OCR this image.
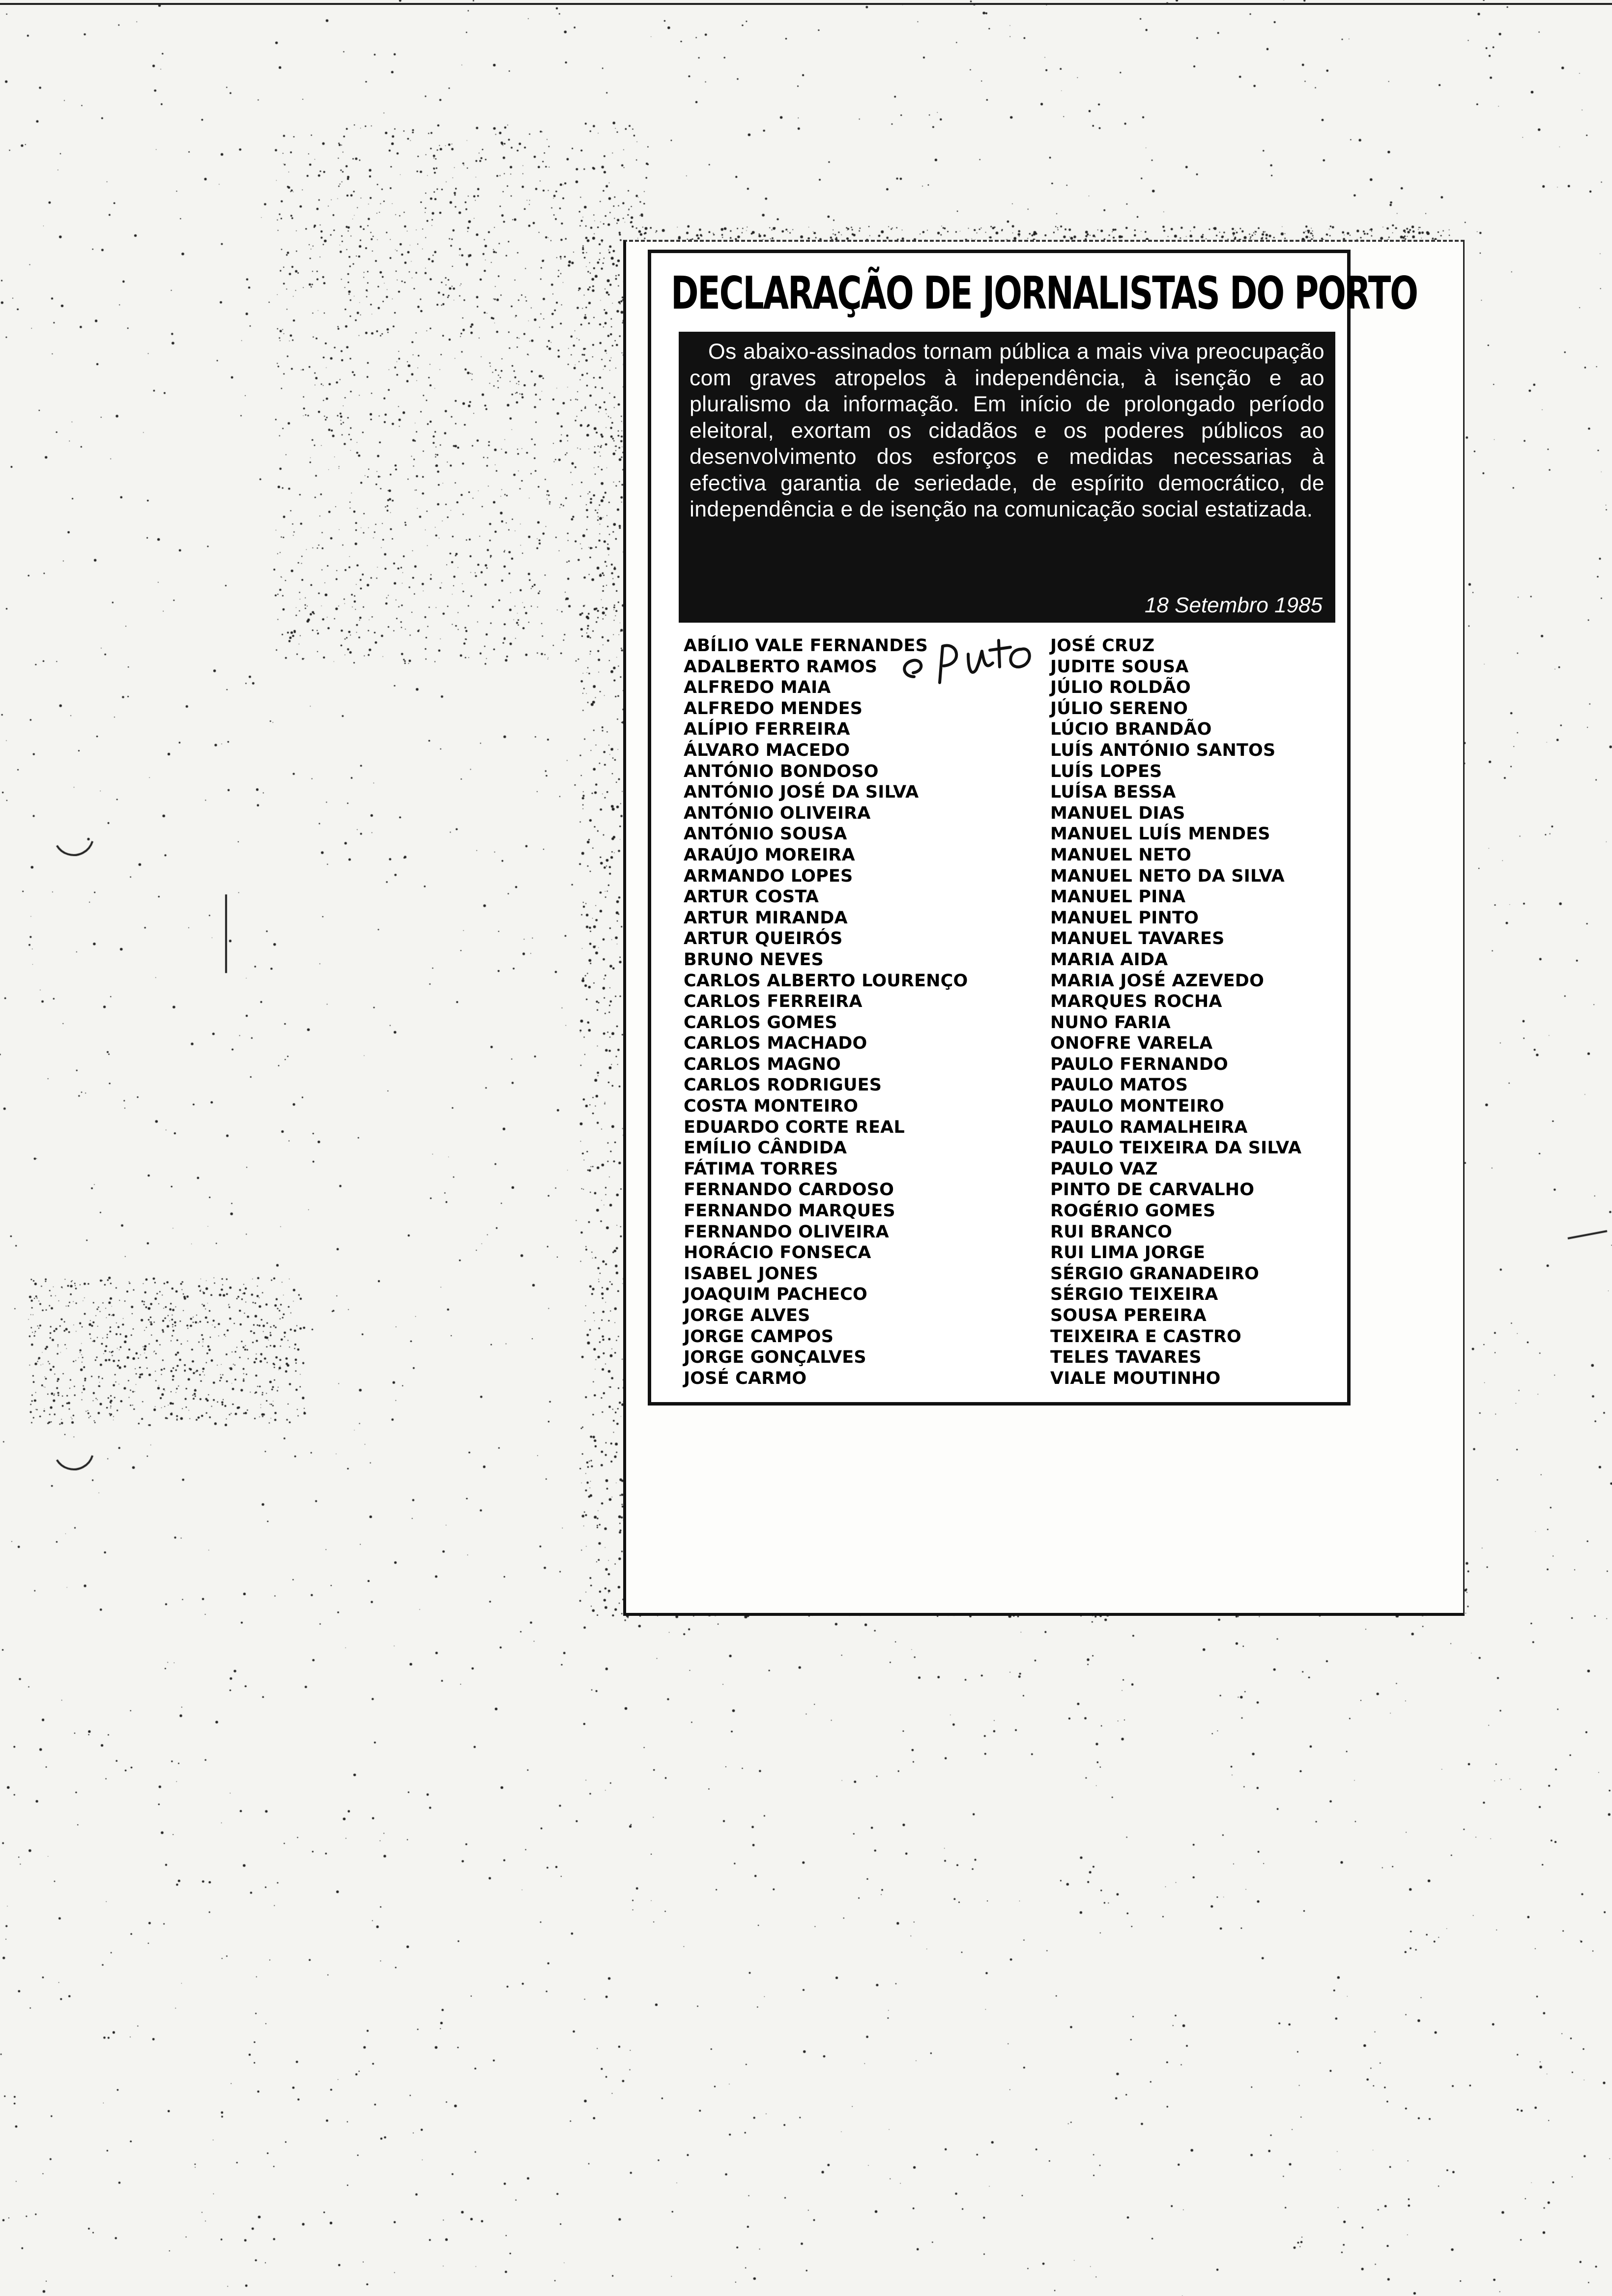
DECLARAÇÃO DE JORNALISTAS DO PORTO
Os abaixo-assinados tornam pública a mais viva preocupação com graves atropelos à independência, à isenção e ao pluralismo da informação. Em início de prolongado período eleitoral, exortam os cidadãos e os poderes públicos ao desenvolvimento dos esforços e medidas necessarias à efectiva garantia de seriedade, de espírito democrático, de independência e de isenção na comunicação social estatizada.
18 Setembro 1985
ABÍLIO VALE FERNANDES
ADALBERTO RAMOS
ALFREDO MAIA
ALFREDO MENDES
ALÍPIO FERREIRA
ÁLVARO MACEDO
ANTÓNIO BONDOSO
ANTÓNIO JOSÉ DA SILVA
ANTÓNIO OLIVEIRA
ANTÓNIO SOUSA
ARAÚJO MOREIRA
ARMANDO LOPES
ARTUR COSTA
ARTUR MIRANDA
ARTUR QUEIRÓS
BRUNO NEVES
CARLOS ALBERTO LOURENÇO
CARLOS FERREIRA
CARLOS GOMES
CARLOS MACHADO
CARLOS MAGNO
CARLOS RODRIGUES
COSTA MONTEIRO
EDUARDO CORTE REAL
EMÍLIO CÂNDIDA
FÁTIMA TORRES
FERNANDO CARDOSO
FERNANDO MARQUES
FERNANDO OLIVEIRA
HORÁCIO FONSECA
ISABEL JONES
JOAQUIM PACHECO
JORGE ALVES
JORGE CAMPOS
JORGE GONÇALVES
JOSÉ CARMO
JOSÉ CRUZ
JUDITE SOUSA
JÚLIO ROLDÃO
JÚLIO SERENO
LÚCIO BRANDÃO
LUÍS ANTÓNIO SANTOS
LUÍS LOPES
LUÍSA BESSA
MANUEL DIAS
MANUEL LUÍS MENDES
MANUEL NETO
MANUEL NETO DA SILVA
MANUEL PINA
MANUEL PINTO
MANUEL TAVARES
MARIA AIDA
MARIA JOSÉ AZEVEDO
MARQUES ROCHA
NUNO FARIA
ONOFRE VARELA
PAULO FERNANDO
PAULO MATOS
PAULO MONTEIRO
PAULO RAMALHEIRA
PAULO TEIXEIRA DA SILVA
PAULO VAZ
PINTO DE CARVALHO
ROGÉRIO GOMES
RUI BRANCO
RUI LIMA JORGE
SÉRGIO GRANADEIRO
SÉRGIO TEIXEIRA
SOUSA PEREIRA
TEIXEIRA E CASTRO
TELES TAVARES
VIALE MOUTINHO
